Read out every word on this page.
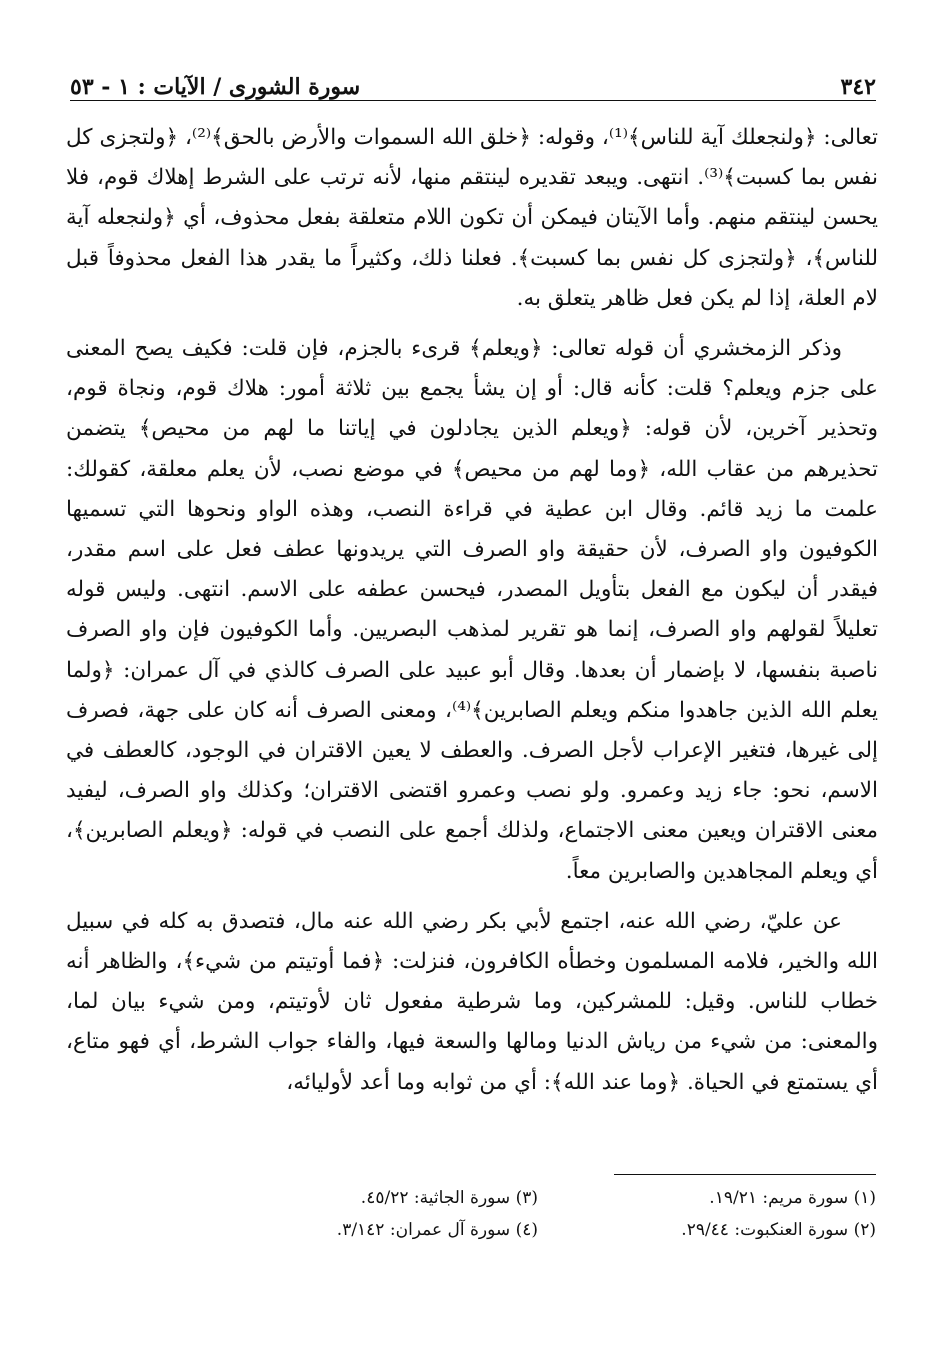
٣٤٢
سورة الشورى / الآيات : ١ - ٥٣

تعالى: ﴿ولنجعلك آية للناس﴾⁽¹⁾، وقوله: ﴿خلق الله السموات والأرض بالحق﴾⁽²⁾، ﴿ولتجزى كل نفس بما كسبت﴾⁽³⁾. انتهى. ويبعد تقديره لينتقم منها، لأنه ترتب على الشرط إهلاك قوم، فلا يحسن لينتقم منهم. وأما الآيتان فيمكن أن تكون اللام متعلقة بفعل محذوف، أي ﴿ولنجعله آية للناس﴾، ﴿ولتجزى كل نفس بما كسبت﴾. فعلنا ذلك، وكثيراً ما يقدر هذا الفعل محذوفاً قبل لام العلة، إذا لم يكن فعل ظاهر يتعلق به.

وذكر الزمخشري أن قوله تعالى: ﴿ويعلم﴾ قرىء بالجزم، فإن قلت: فكيف يصح المعنى على جزم ويعلم؟ قلت: كأنه قال: أو إن يشأ يجمع بين ثلاثة أمور: هلاك قوم، ونجاة قوم، وتحذير آخرين، لأن قوله: ﴿ويعلم الذين يجادلون في إياتنا ما لهم من محيص﴾ يتضمن تحذيرهم من عقاب الله، ﴿وما لهم من محيص﴾ في موضع نصب، لأن يعلم معلقة، كقولك: علمت ما زيد قائم. وقال ابن عطية في قراءة النصب، وهذه الواو ونحوها التي تسميها الكوفيون واو الصرف، لأن حقيقة واو الصرف التي يريدونها عطف فعل على اسم مقدر، فيقدر أن ليكون مع الفعل بتأويل المصدر، فيحسن عطفه على الاسم. انتهى. وليس قوله تعليلاً لقولهم واو الصرف، إنما هو تقرير لمذهب البصريين. وأما الكوفيون فإن واو الصرف ناصبة بنفسها، لا بإضمار أن بعدها. وقال أبو عبيد على الصرف كالذي في آل عمران: ﴿ولما يعلم الله الذين جاهدوا منكم ويعلم الصابرين﴾⁽⁴⁾، ومعنى الصرف أنه كان على جهة، فصرف إلى غيرها، فتغير الإعراب لأجل الصرف. والعطف لا يعين الاقتران في الوجود، كالعطف في الاسم، نحو: جاء زيد وعمرو. ولو نصب وعمرو اقتضى الاقتران؛ وكذلك واو الصرف، ليفيد معنى الاقتران ويعين معنى الاجتماع، ولذلك أجمع على النصب في قوله: ﴿ويعلم الصابرين﴾، أي ويعلم المجاهدين والصابرين معاً.

عن عليّ، رضي الله عنه، اجتمع لأبي بكر رضي الله عنه مال، فتصدق به كله في سبيل الله والخير، فلامه المسلمون وخطأه الكافرون، فنزلت: ﴿فما أوتيتم من شيء﴾، والظاهر أنه خطاب للناس. وقيل: للمشركين، وما شرطية مفعول ثان لأوتيتم، ومن شيء بيان لما، والمعنى: من شيء من رياش الدنيا ومالها والسعة فيها، والفاء جواب الشرط، أي فهو متاع، أي يستمتع في الحياة. ﴿وما عند الله﴾: أي من ثوابه وما أعد لأوليائه،

(١) سورة مريم: ١٩/٢١.
(٣) سورة الجاثية: ٤٥/٢٢.
(٢) سورة العنكبوت: ٢٩/٤٤.
(٤) سورة آل عمران: ٣/١٤٢.
